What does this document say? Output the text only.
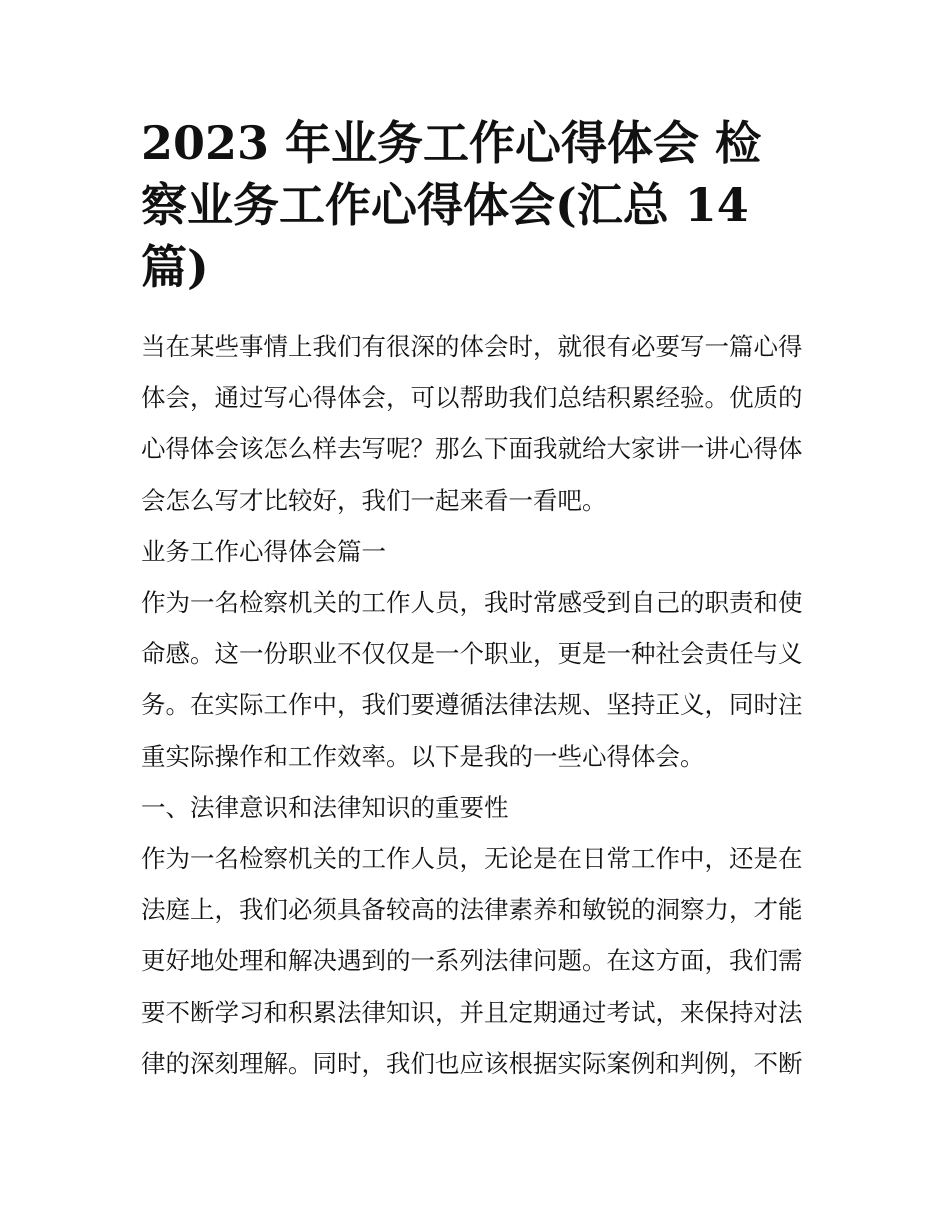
2023 年业务工作心得体会 检
察业务工作心得体会(汇总 14
篇)

当在某些事情上我们有很深的体会时，就很有必要写一篇心得
体会，通过写心得体会，可以帮助我们总结积累经验。优质的
心得体会该怎么样去写呢？那么下面我就给大家讲一讲心得体
会怎么写才比较好，我们一起来看一看吧。

业务工作心得体会篇一

作为一名检察机关的工作人员，我时常感受到自己的职责和使
命感。这一份职业不仅仅是一个职业，更是一种社会责任与义
务。在实际工作中，我们要遵循法律法规、坚持正义，同时注
重实际操作和工作效率。以下是我的一些心得体会。

一、法律意识和法律知识的重要性

作为一名检察机关的工作人员，无论是在日常工作中，还是在
法庭上，我们必须具备较高的法律素养和敏锐的洞察力，才能
更好地处理和解决遇到的一系列法律问题。在这方面，我们需
要不断学习和积累法律知识，并且定期通过考试，来保持对法
律的深刻理解。同时，我们也应该根据实际案例和判例，不断
